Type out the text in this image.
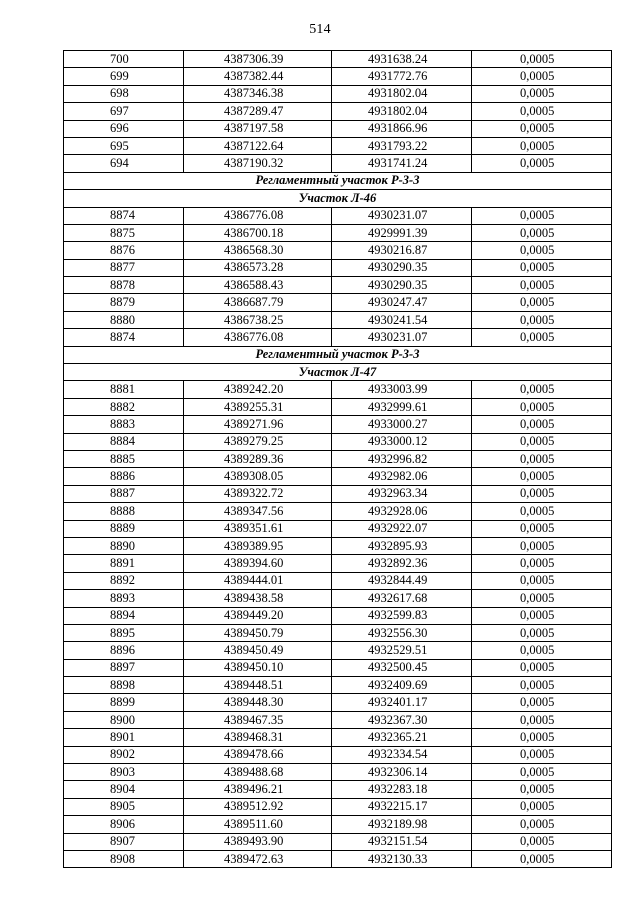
514
700	4387306.39	4931638.24	0,0005
699	4387382.44	4931772.76	0,0005
698	4387346.38	4931802.04	0,0005
697	4387289.47	4931802.04	0,0005
696	4387197.58	4931866.96	0,0005
695	4387122.64	4931793.22	0,0005
694	4387190.32	4931741.24	0,0005
Регламентный участок Р-3-3			
Участок Л-46			
8874	4386776.08	4930231.07	0,0005
8875	4386700.18	4929991.39	0,0005
8876	4386568.30	4930216.87	0,0005
8877	4386573.28	4930290.35	0,0005
8878	4386588.43	4930290.35	0,0005
8879	4386687.79	4930247.47	0,0005
8880	4386738.25	4930241.54	0,0005
8874	4386776.08	4930231.07	0,0005
Регламентный участок Р-3-3			
Участок Л-47			
8881	4389242.20	4933003.99	0,0005
8882	4389255.31	4932999.61	0,0005
8883	4389271.96	4933000.27	0,0005
8884	4389279.25	4933000.12	0,0005
8885	4389289.36	4932996.82	0,0005
8886	4389308.05	4932982.06	0,0005
8887	4389322.72	4932963.34	0,0005
8888	4389347.56	4932928.06	0,0005
8889	4389351.61	4932922.07	0,0005
8890	4389389.95	4932895.93	0,0005
8891	4389394.60	4932892.36	0,0005
8892	4389444.01	4932844.49	0,0005
8893	4389438.58	4932617.68	0,0005
8894	4389449.20	4932599.83	0,0005
8895	4389450.79	4932556.30	0,0005
8896	4389450.49	4932529.51	0,0005
8897	4389450.10	4932500.45	0,0005
8898	4389448.51	4932409.69	0,0005
8899	4389448.30	4932401.17	0,0005
8900	4389467.35	4932367.30	0,0005
8901	4389468.31	4932365.21	0,0005
8902	4389478.66	4932334.54	0,0005
8903	4389488.68	4932306.14	0,0005
8904	4389496.21	4932283.18	0,0005
8905	4389512.92	4932215.17	0,0005
8906	4389511.60	4932189.98	0,0005
8907	4389493.90	4932151.54	0,0005
8908	4389472.63	4932130.33	0,0005
